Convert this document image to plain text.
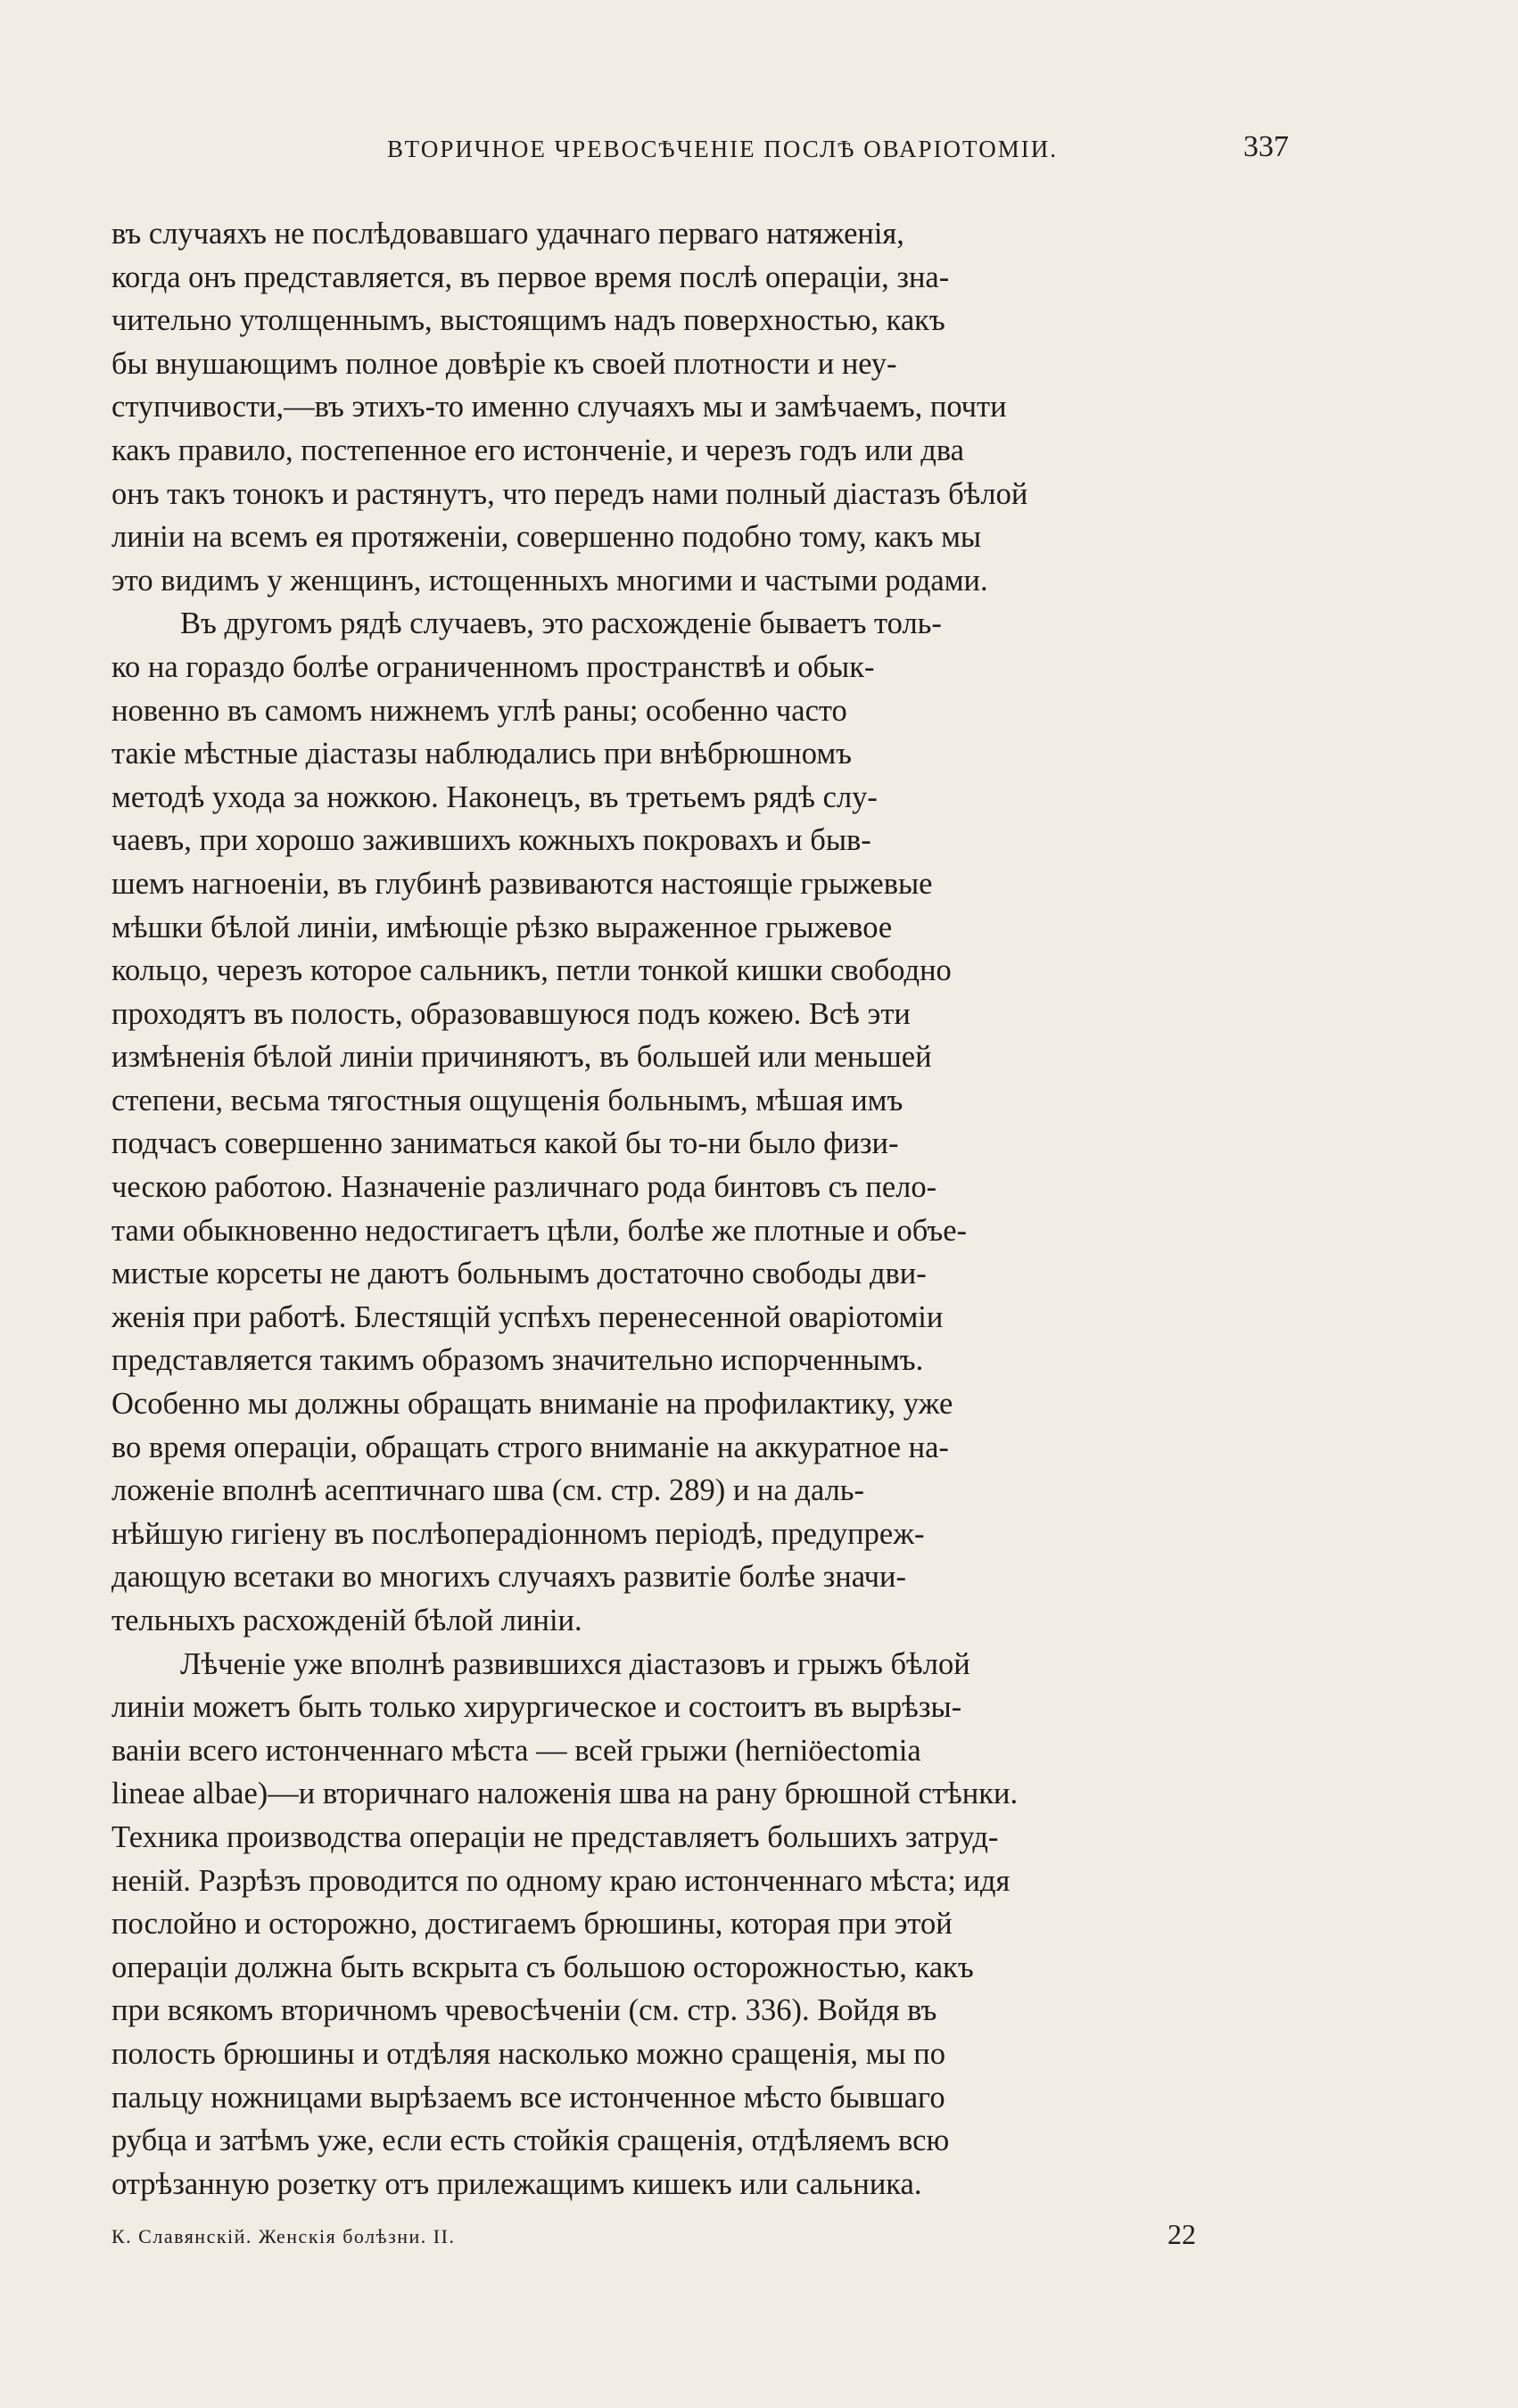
ВТОРИЧНОЕ ЧРЕВОСѢЧЕНІЕ ПОСЛѢ ОВАРІОТОМІИ.	337

въ случаяхъ не послѣдовавшаго удачнаго перваго натяженія,
когда онъ представляется, въ первое время послѣ операціи, зна-
чительно утолщеннымъ, выстоящимъ надъ поверхностью, какъ
бы внушающимъ полное довѣріе къ своей плотности и неу-
ступчивости,—въ этихъ-то именно случаяхъ мы и замѣчаемъ, почти
какъ правило, постепенное его истонченіе, и черезъ годъ или два
онъ такъ тонокъ и растянутъ, что передъ нами полный діастазъ бѣлой
линіи на всемъ ея протяженіи, совершенно подобно тому, какъ мы
это видимъ у женщинъ, истощенныхъ многими и частыми родами.

Въ другомъ рядѣ случаевъ, это расхожденіе бываетъ толь-
ко на гораздо болѣе ограниченномъ пространствѣ и обык-
новенно въ самомъ нижнемъ углѣ раны; особенно часто
такіе мѣстные діастазы наблюдались при внѣбрюшномъ
методѣ ухода за ножкою. Наконецъ, въ третьемъ рядѣ слу-
чаевъ, при хорошо зажившихъ кожныхъ покровахъ и быв-
шемъ нагноеніи, въ глубинѣ развиваются настоящіе грыжевые
мѣшки бѣлой линіи, имѣющіе рѣзко выраженное грыжевое
кольцо, черезъ которое сальникъ, петли тонкой кишки свободно
проходятъ въ полость, образовавшуюся подъ кожею. Всѣ эти
измѣненія бѣлой линіи причиняютъ, въ большей или меньшей
степени, весьма тягостныя ощущенія больнымъ, мѣшая имъ
подчасъ совершенно заниматься какой бы то-ни было физи-
ческою работою. Назначеніе различнаго рода бинтовъ съ пело-
тами обыкновенно недостигаетъ цѣли, болѣе же плотные и объе-
мистые корсеты не даютъ больнымъ достаточно свободы дви-
женія при работѣ. Блестящій успѣхъ перенесенной оваріотоміи
представляется такимъ образомъ значительно испорченнымъ.
Особенно мы должны обращать вниманіе на профилактику, уже
во время операціи, обращать строго вниманіе на аккуратное на-
ложеніе вполнѣ асептичнаго шва (см. стр. 289) и на даль-
нѣйшую гигіену въ послѣоперадіонномъ періодѣ, предупреж-
дающую всетаки во многихъ случаяхъ развитіе болѣе значи-
тельныхъ расхожденій бѣлой линіи.

Лѣченіе уже вполнѣ развившихся діастазовъ и грыжъ бѣлой
линіи можетъ быть только хирургическое и состоитъ въ вырѣзы-
ваніи всего истонченнаго мѣста — всей грыжи (herniöectomia
lineae albae)—и вторичнаго наложенія шва на рану брюшной стѣнки.
Техника производства операціи не представляетъ большихъ затруд-
неній. Разрѣзъ проводится по одному краю истонченнаго мѣста; идя
послойно и осторожно, достигаемъ брюшины, которая при этой
операціи должна быть вскрыта съ большою осторожностью, какъ
при всякомъ вторичномъ чревосѣченіи (см. стр. 336). Войдя въ
полость брюшины и отдѣляя насколько можно сращенія, мы по
пальцу ножницами вырѣзаемъ все истонченное мѣсто бывшаго
рубца и затѣмъ уже, если есть стойкія сращенія, отдѣляемъ всю
отрѣзанную розетку отъ прилежащимъ кишекъ или сальника.

К. Славянскій. Женскія болѣзни. II.	22
